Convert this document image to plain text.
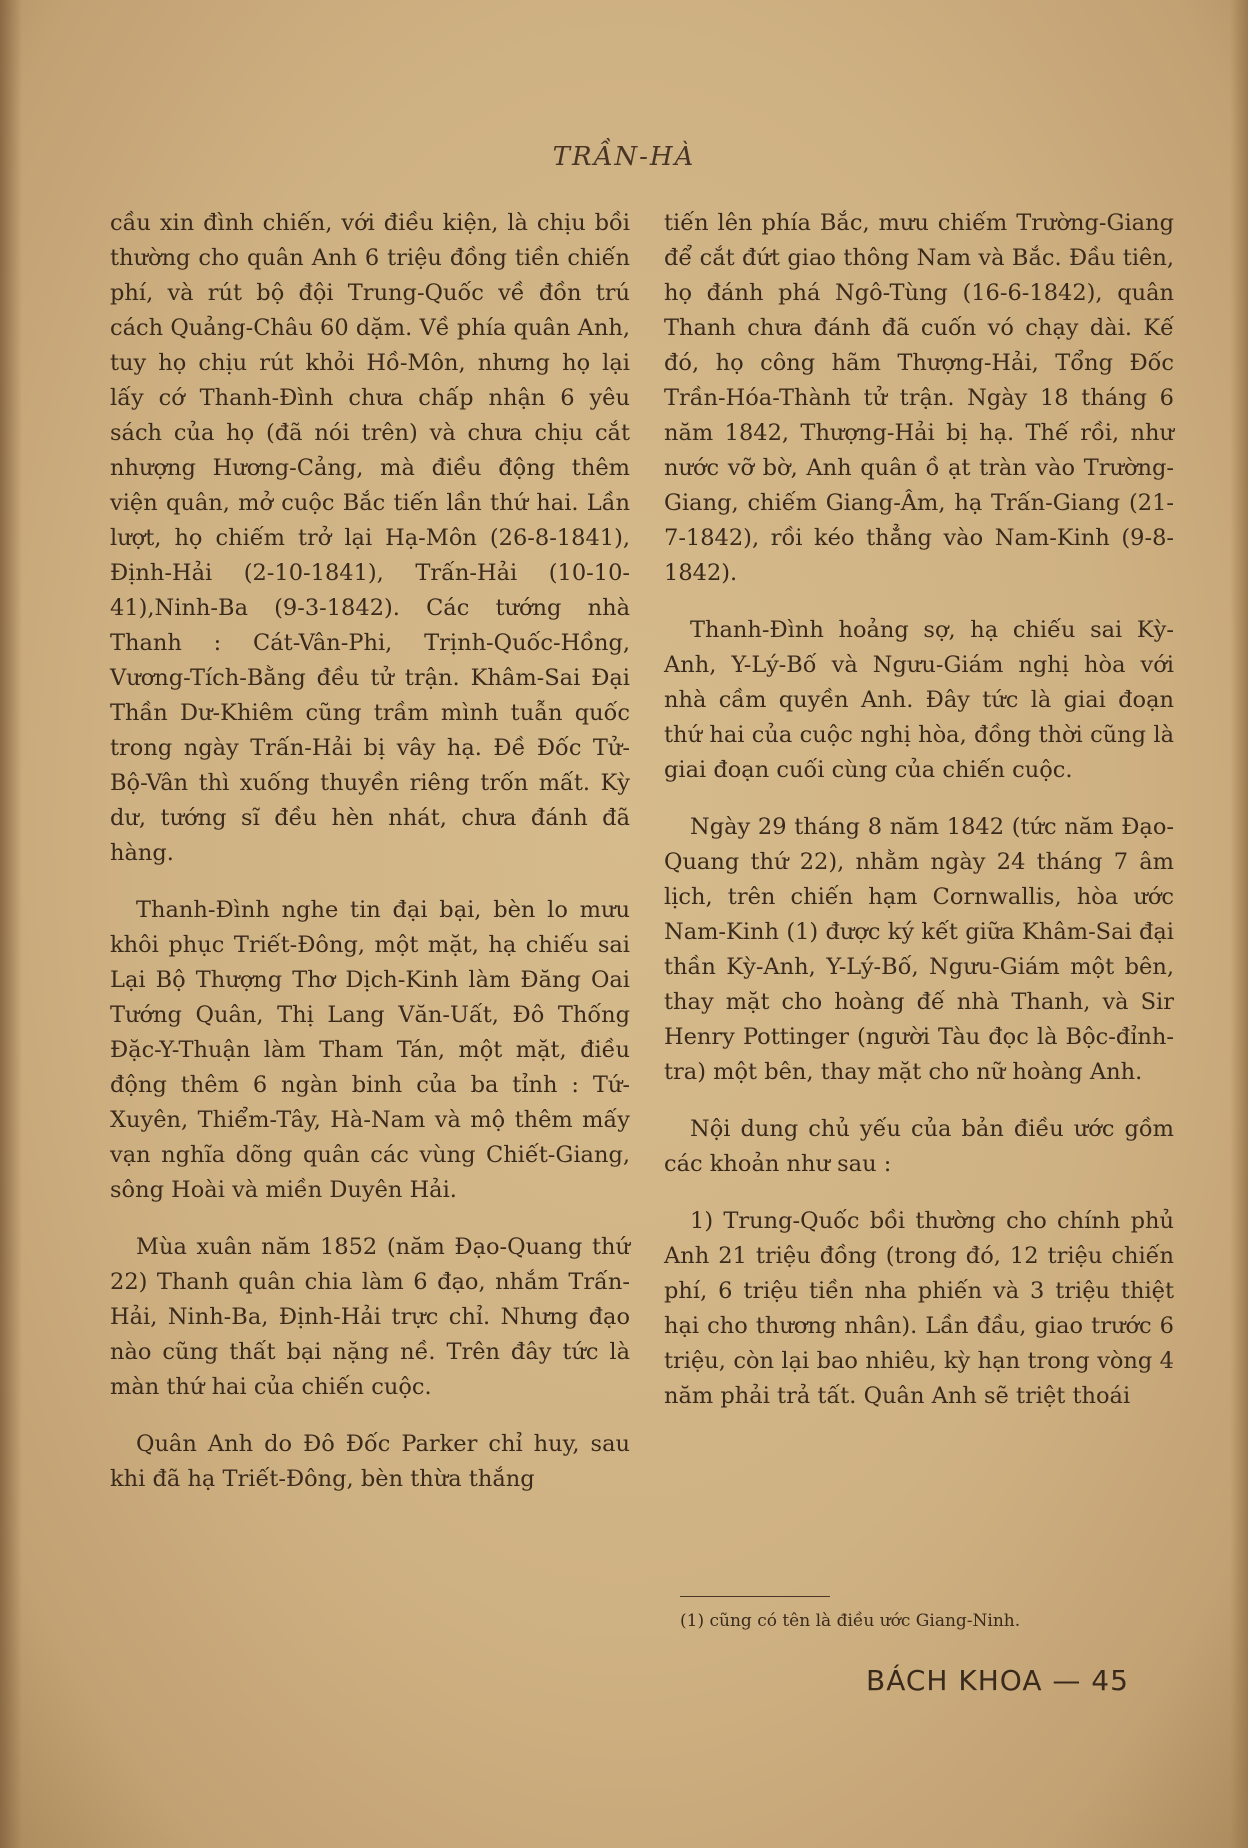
TRẦN-HÀ

cầu xin đình chiến, với điều kiện, là chịu bồi thường cho quân Anh 6 triệu đồng tiền chiến phí, và rút bộ đội Trung-Quốc về đồn trú cách Quảng-Châu 60 dặm. Về phía quân Anh, tuy họ chịu rút khỏi Hồ-Môn, nhưng họ lại lấy cớ Thanh-Đình chưa chấp nhận 6 yêu sách của họ (đã nói trên) và chưa chịu cắt nhượng Hương-Cảng, mà điều động thêm viện quân, mở cuộc Bắc tiến lần thứ hai. Lần lượt, họ chiếm trở lại Hạ-Môn (26-8-1841), Định-Hải (2-10-1841), Trấn-Hải (10-10-41),Ninh-Ba (9-3-1842). Các tướng nhà Thanh : Cát-Vân-Phi, Trịnh-Quốc-Hồng, Vương-Tích-Bằng đều tử trận. Khâm-Sai Đại Thần Dư-Khiêm cũng trầm mình tuẫn quốc trong ngày Trấn-Hải bị vây hạ. Đề Đốc Tử-Bộ-Vân thì xuống thuyền riêng trốn mất. Kỳ dư, tướng sĩ đều hèn nhát, chưa đánh đã hàng.

Thanh-Đình nghe tin đại bại, bèn lo mưu khôi phục Triết-Đông, một mặt, hạ chiếu sai Lại Bộ Thượng Thơ Dịch-Kinh làm Đăng Oai Tướng Quân, Thị Lang Văn-Uất, Đô Thống Đặc-Y-Thuận làm Tham Tán, một mặt, điều động thêm 6 ngàn binh của ba tỉnh : Tứ-Xuyên, Thiểm-Tây, Hà-Nam và mộ thêm mấy vạn nghĩa dõng quân các vùng Chiết-Giang, sông Hoài và miền Duyên Hải.

Mùa xuân năm 1852 (năm Đạo-Quang thứ 22) Thanh quân chia làm 6 đạo, nhắm Trấn-Hải, Ninh-Ba, Định-Hải trực chỉ. Nhưng đạo nào cũng thất bại nặng nề. Trên đây tức là màn thứ hai của chiến cuộc.

Quân Anh do Đô Đốc Parker chỉ huy, sau khi đã hạ Triết-Đông, bèn thừa thắng

tiến lên phía Bắc, mưu chiếm Trường-Giang để cắt đứt giao thông Nam và Bắc. Đầu tiên, họ đánh phá Ngô-Tùng (16-6-1842), quân Thanh chưa đánh đã cuốn vó chạy dài. Kế đó, họ công hãm Thượng-Hải, Tổng Đốc Trần-Hóa-Thành tử trận. Ngày 18 tháng 6 năm 1842, Thượng-Hải bị hạ. Thế rồi, như nước vỡ bờ, Anh quân ồ ạt tràn vào Trường-Giang, chiếm Giang-Âm, hạ Trấn-Giang (21-7-1842), rồi kéo thẳng vào Nam-Kinh (9-8-1842).

Thanh-Đình hoảng sợ, hạ chiếu sai Kỳ-Anh, Y-Lý-Bố và Ngưu-Giám nghị hòa với nhà cầm quyền Anh. Đây tức là giai đoạn thứ hai của cuộc nghị hòa, đồng thời cũng là giai đoạn cuối cùng của chiến cuộc.

Ngày 29 tháng 8 năm 1842 (tức năm Đạo-Quang thứ 22), nhằm ngày 24 tháng 7 âm lịch, trên chiến hạm Cornwallis, hòa ước Nam-Kinh (1) được ký kết giữa Khâm-Sai đại thần Kỳ-Anh, Y-Lý-Bố, Ngưu-Giám một bên, thay mặt cho hoàng đế nhà Thanh, và Sir Henry Pottinger (người Tàu đọc là Bộc-đỉnh-tra) một bên, thay mặt cho nữ hoàng Anh.

Nội dung chủ yếu của bản điều ước gồm các khoản như sau :

1) Trung-Quốc bồi thường cho chính phủ Anh 21 triệu đồng (trong đó, 12 triệu chiến phí, 6 triệu tiền nha phiến và 3 triệu thiệt hại cho thương nhân). Lần đầu, giao trước 6 triệu, còn lại bao nhiêu, kỳ hạn trong vòng 4 năm phải trả tất. Quân Anh sẽ triệt thoái

(1) cũng có tên là điều ước Giang-Ninh.
BÁCH KHOA — 45
